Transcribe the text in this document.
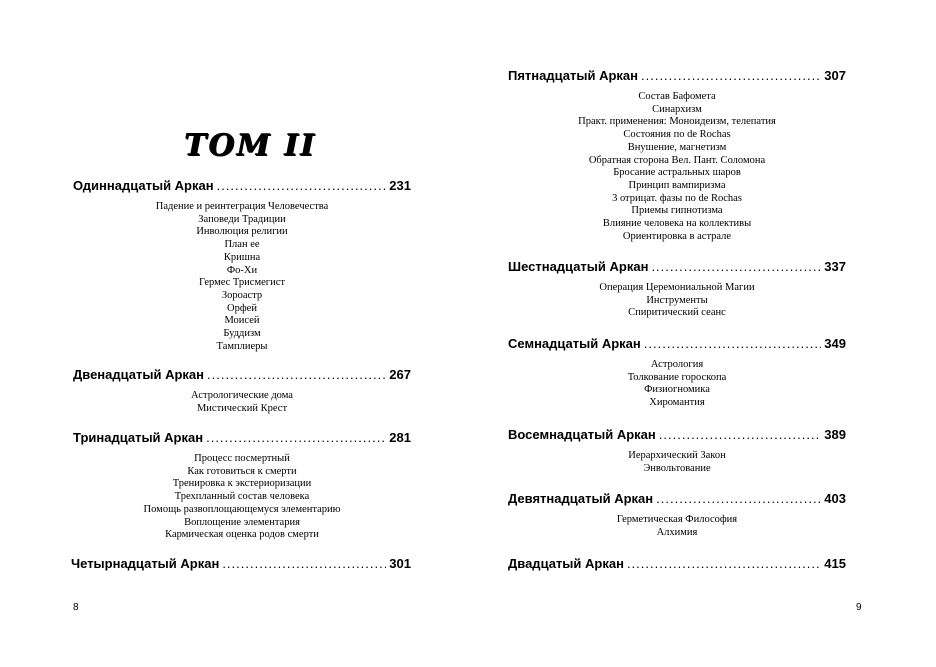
ТОМ II
Одиннадцатый Аркан .....	231
Падение и реинтеграция Человечества
Заповеди Традиции
Инволюция религии
План ее
Кришна
Фо-Хи
Гермес Трисмегист
Зороастр
Орфей
Моисей
Буддизм
Тамплиеры
Двенадцатый Аркан .....	267
Астрологические дома
Мистический Крест
Тринадцатый Аркан .....	281
Процесс посмертный
Как готовиться к смерти
Тренировка к экстериоризации
Трехпланный состав человека
Помощь развоплощающемуся элементарию
Воплощение элементария
Кармическая оценка родов смерти
Четырнадцатый Аркан .....	301
8
Пятнадцатый Аркан .....	307
Состав Бафомета
Синархизм
Практ. применения: Моноидеизм, телепатия
Состояния по de Rochas
Внушение, магнетизм
Обратная сторона Вел. Пант. Соломона
Бросание астральных шаров
Принцип вампиризма
3 отрицат. фазы по de Rochas
Приемы гипнотизма
Влияние человека на коллективы
Ориентировка в астрале
Шестнадцатый Аркан .....	337
Операция Церемониальной Магии
Инструменты
Спиритический сеанс
Семнадцатый Аркан .....	349
Астрология
Толкование гороскопа
Физиогномика
Хиромантия
Восемнадцатый Аркан .....	389
Иерархический Закон
Энвольтование
Девятнадцатый Аркан .....	403
Герметическая Философия
Алхимия
Двадцатый Аркан .....	415
9
